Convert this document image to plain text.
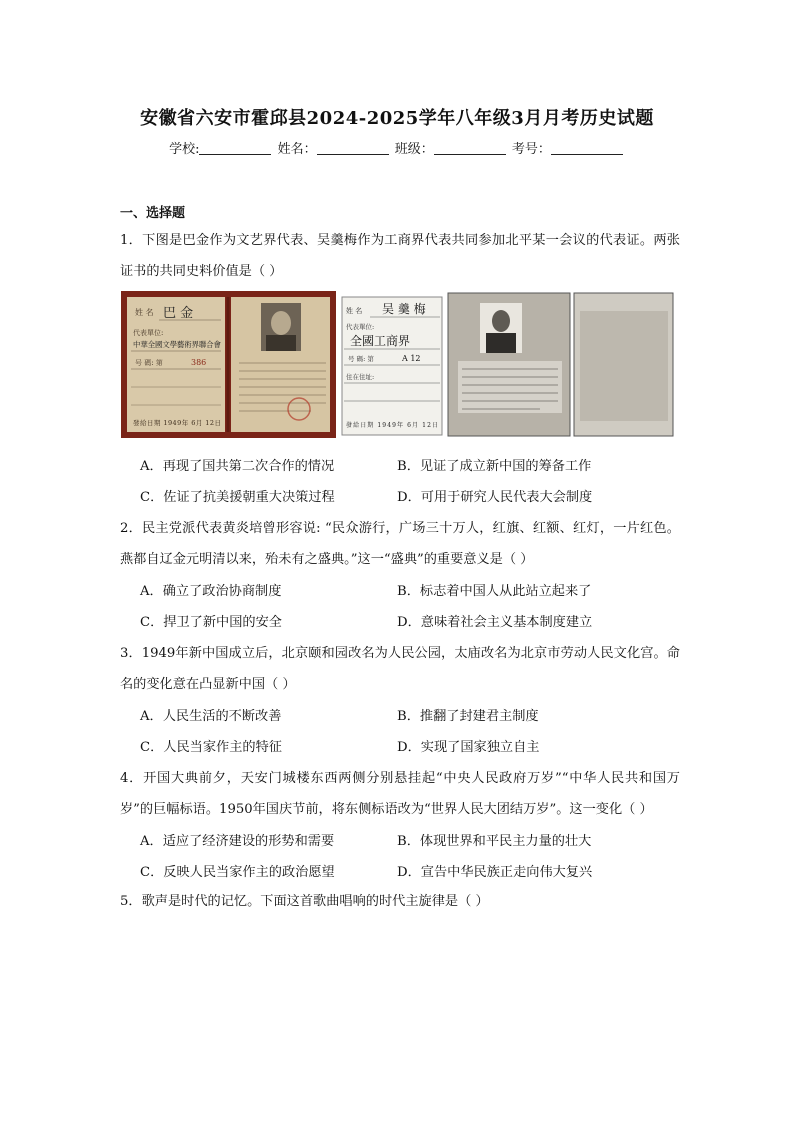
安徽省六安市霍邱县2024-2025学年八年级3月月考历史试题
学校:	姓名：	班级：	考号：
一、选择题
1．下图是巴金作为文艺界代表、吴羹梅作为工商界代表共同参加北平某一会议的代表证。两张证书的共同史料价值是（ ）
姓 名 巴 金
代表單位:
中華全國文學藝術界聯合會
号 碼: 第	386
發給日期 1949年 6月 12日
姓 名 吴 羹 梅
代表單位:
全國工商界
号 碼: 第	A 12
住在住址:
發給日期 1949年 6月 12日
A．再现了国共第二次合作的情况	B．见证了成立新中国的筹备工作
C．佐证了抗美援朝重大决策过程	D．可用于研究人民代表大会制度
2．民主党派代表黄炎培曾形容说: “民众游行，广场三十万人，红旗、红额、红灯，一片红色。燕都自辽金元明清以来，殆未有之盛典。”这一“盛典”的重要意义是（ ）
A．确立了政治协商制度	B．标志着中国人从此站立起来了
C．捍卫了新中国的安全	D．意味着社会主义基本制度建立
3．1949年新中国成立后，北京颐和园改名为人民公园，太庙改名为北京市劳动人民文化宫。命名的变化意在凸显新中国（ ）
A．人民生活的不断改善	B．推翻了封建君主制度
C．人民当家作主的特征	D．实现了国家独立自主
4．开国大典前夕，天安门城楼东西两侧分别悬挂起“中央人民政府万岁”“中华人民共和国万岁”的巨幅标语。1950年国庆节前，将东侧标语改为“世界人民大团结万岁”。这一变化（ ）
A．适应了经济建设的形势和需要	B．体现世界和平民主力量的壮大
C．反映人民当家作主的政治愿望	D．宣告中华民族正走向伟大复兴
5．歌声是时代的记忆。下面这首歌曲唱响的时代主旋律是（ ）
